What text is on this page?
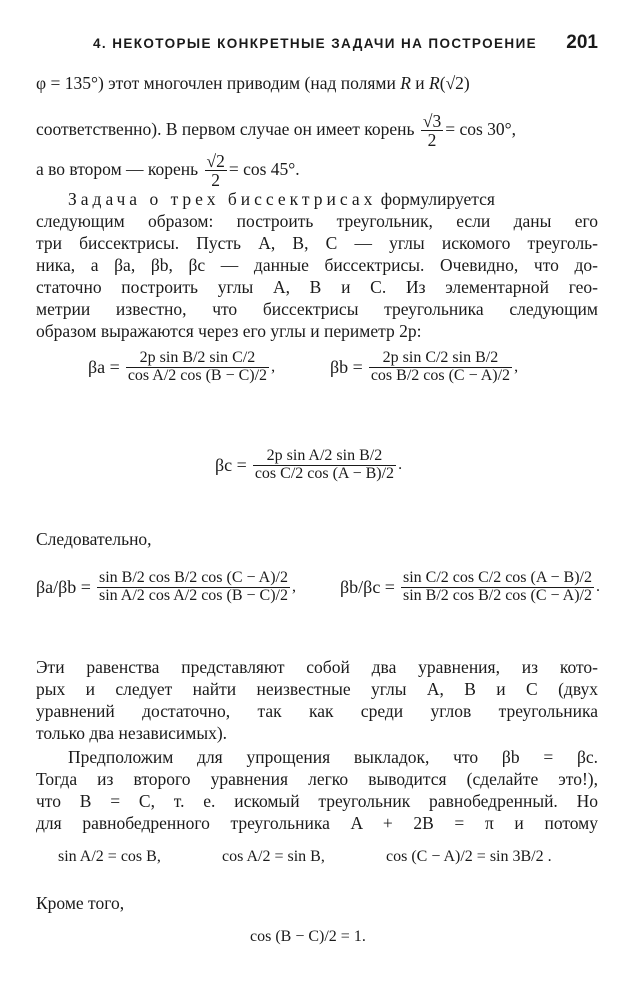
4. НЕКОТОРЫЕ КОНКРЕТНЫЕ ЗАДАЧИ НА ПОСТРОЕНИЕ 201
φ = 135°) этот многочлен приводим (над полями R и R(√2)
соответственно). В первом случае он имеет корень $\frac{√3}{2} = \cos 30^\circ$,
а во втором — корень $\frac{√2}{2} = \cos 45^\circ$.
Задача о трех биссектрисах формулируется
следующим образом: построить треугольник, если даны его
три биссектрисы. Пусть A, B, C — углы искомого треуголь-
ника, а βa, βb, βc — данные биссектрисы. Очевидно, что до-
статочно построить углы A, B и C. Из элементарной гео-
метрии известно, что биссектрисы треугольника следующим
образом выражаются через его углы и периметр 2p:
$\beta a = \frac{\text{2p sin B/2 sin C/2}}{\text{cos A/2 cos (B − C)/2}}$ ,	$\beta b = \frac{\text{2p sin C/2 sin B/2}}{\text{cos B/2 cos (C − A)/2}}$ ,
$\beta c = \frac{\text{2p sin A/2 sin B/2}}{\text{cos C/2 cos (A − B)/2}}$ .
Следовательно,
$\beta a/\beta b = \frac{\text{sin B/2 cos B/2 cos (C − A)/2}}{\text{sin A/2 cos A/2 cos (B − C)/2}}$ , $\beta b/\beta c = \frac{\text{sin C/2 cos C/2 cos (A − B)/2}}{\text{sin B/2 cos B/2 cos (C − A)/2}}$ .
Эти равенства представляют собой два уравнения, из кото-
рых и следует найти неизвестные углы A, B и C (двух
уравнений достаточно, так как среди углов треугольника
только два независимых).
Предположим для упрощения выкладок, что βb = βc.
Тогда из второго уравнения легко выводится (сделайте это!),
что B = C, т. е. искомый треугольник равнобедренный. Но
для равнобедренного треугольника A + 2B = π и потому
sin A/2 = cos B,	cos A/2 = sin B,	cos (C − A)/2 = sin 3B/2 .
Кроме того,
cos (B − C)/2 = 1.
